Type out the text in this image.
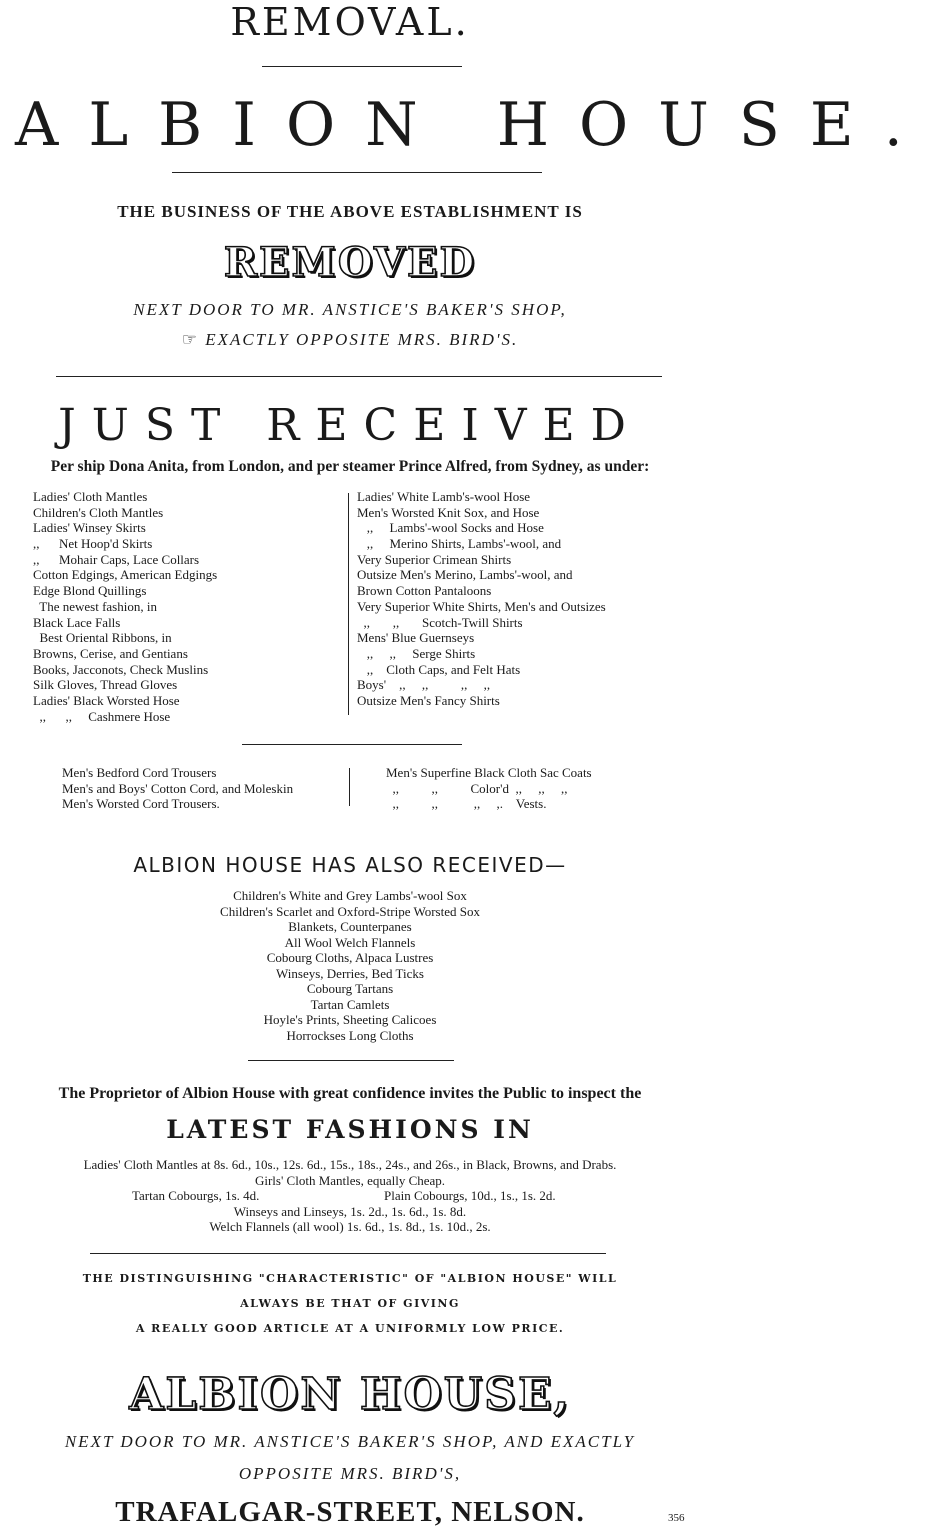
REMOVAL.
ALBION HOUSE.
THE BUSINESS OF THE ABOVE ESTABLISHMENT IS
REMOVED
NEXT DOOR TO MR. ANSTICE'S BAKER'S SHOP,
☞ EXACTLY OPPOSITE MRS. BIRD'S.
JUST RECEIVED
Per ship Dona Anita, from London, and per steamer Prince Alfred, from Sydney, as under:
Ladies' Cloth Mantles
Children's Cloth Mantles
Ladies' Winsey Skirts
,,      Net Hoop'd Skirts
,,      Mohair Caps, Lace Collars
Cotton Edgings, American Edgings
Edge Blond Quillings
The newest fashion, in
Black Lace Falls
Best Oriental Ribbons, in
Browns, Cerise, and Gentians
Books, Jacconots, Check Muslins
Silk Gloves, Thread Gloves
Ladies' Black Worsted Hose
,,      ,,     Cashmere Hose
Ladies' White Lamb's-wool Hose
Men's Worsted Knit Sox, and Hose
,,     Lambs'-wool Socks and Hose
,,     Merino Shirts, Lambs'-wool, and
Very Superior Crimean Shirts
Outsize Men's Merino, Lambs'-wool, and
Brown Cotton Pantaloons
Very Superior White Shirts, Men's and Outsizes
,,       ,,       Scotch-Twill Shirts
Mens' Blue Guernseys
,,     ,,     Serge Shirts
,,    Cloth Caps, and Felt Hats
Boys'    ,,     ,,          ,,     ,,
Outsize Men's Fancy Shirts
Men's Bedford Cord Trousers
Men's and Boys' Cotton Cord, and Moleskin
Men's Worsted Cord Trousers.
Men's Superfine Black Cloth Sac Coats
,,          ,,          Color'd  ,,     ,,     ,,
,,          ,,           ,,     ,.    Vests.
ALBION HOUSE HAS ALSO RECEIVED—
Children's White and Grey Lambs'-wool Sox
Children's Scarlet and Oxford-Stripe Worsted Sox
Blankets, Counterpanes
All Wool Welch Flannels
Cobourg Cloths, Alpaca Lustres
Winseys, Derries, Bed Ticks
Cobourg Tartans
Tartan Camlets
Hoyle's Prints, Sheeting Calicoes
Horrockses Long Cloths
The Proprietor of Albion House with great confidence invites the Public to inspect the
LATEST FASHIONS IN
Ladies' Cloth Mantles at 8s. 6d., 10s., 12s. 6d., 15s., 18s., 24s., and 26s., in Black, Browns, and Drabs.
Girls' Cloth Mantles, equally Cheap.
Tartan Cobourgs, 1s. 4d.	Plain Cobourgs, 10d., 1s., 1s. 2d.
Winseys and Linseys, 1s. 2d., 1s. 6d., 1s. 8d.
Welch Flannels (all wool) 1s. 6d., 1s. 8d., 1s. 10d., 2s.
THE DISTINGUISHING "CHARACTERISTIC" OF "ALBION HOUSE" WILL
ALWAYS BE THAT OF GIVING
A REALLY GOOD ARTICLE AT A UNIFORMLY LOW PRICE.
ALBION HOUSE,
NEXT DOOR TO MR. ANSTICE'S BAKER'S SHOP, AND EXACTLY
OPPOSITE MRS. BIRD'S,
TRAFALGAR-STREET, NELSON.	356
